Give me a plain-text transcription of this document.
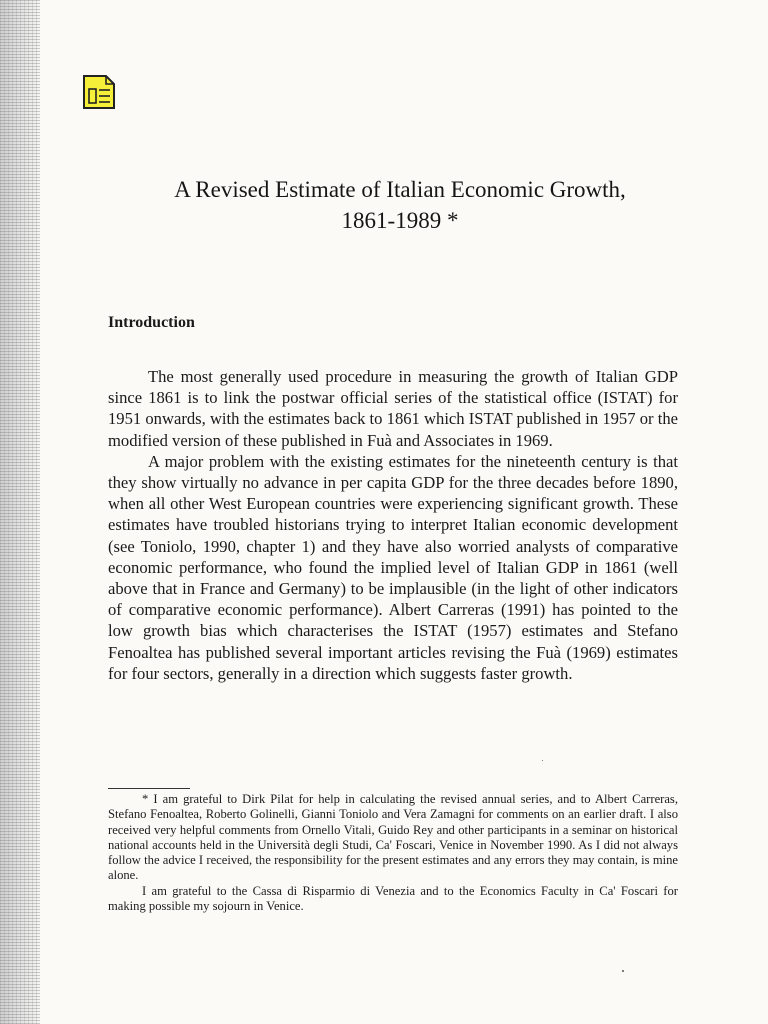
A Revised Estimate of Italian Economic Growth,
1861-1989 *
Introduction

The most generally used procedure in measuring the growth of Italian GDP since 1861 is to link the postwar official series of the statistical office (ISTAT) for 1951 onwards, with the estimates back to 1861 which ISTAT published in 1957 or the modified version of these published in Fuà and Associates in 1969.

A major problem with the existing estimates for the nineteenth century is that they show virtually no advance in per capita GDP for the three decades before 1890, when all other West European countries were experiencing significant growth. These estimates have troubled historians trying to interpret Italian economic development (see Toniolo, 1990, chapter 1) and they have also worried analysts of comparative economic performance, who found the implied level of Italian GDP in 1861 (well above that in France and Germany) to be implausible (in the light of other indicators of comparative economic performance). Albert Carreras (1991) has pointed to the low growth bias which characterises the ISTAT (1957) estimates and Stefano Fenoaltea has published several important articles revising the Fuà (1969) estimates for four sectors, generally in a direction which suggests faster growth.

* I am grateful to Dirk Pilat for help in calculating the revised annual series, and to Albert Carreras, Stefano Fenoaltea, Roberto Golinelli, Gianni Toniolo and Vera Zamagni for comments on an earlier draft. I also received very helpful comments from Ornello Vitali, Guido Rey and other participants in a seminar on historical national accounts held in the Università degli Studi, Ca' Foscari, Venice in November 1990. As I did not always follow the advice I received, the responsibility for the present estimates and any errors they may contain, is mine alone.

I am grateful to the Cassa di Risparmio di Venezia and to the Economics Faculty in Ca' Foscari for making possible my sojourn in Venice.
